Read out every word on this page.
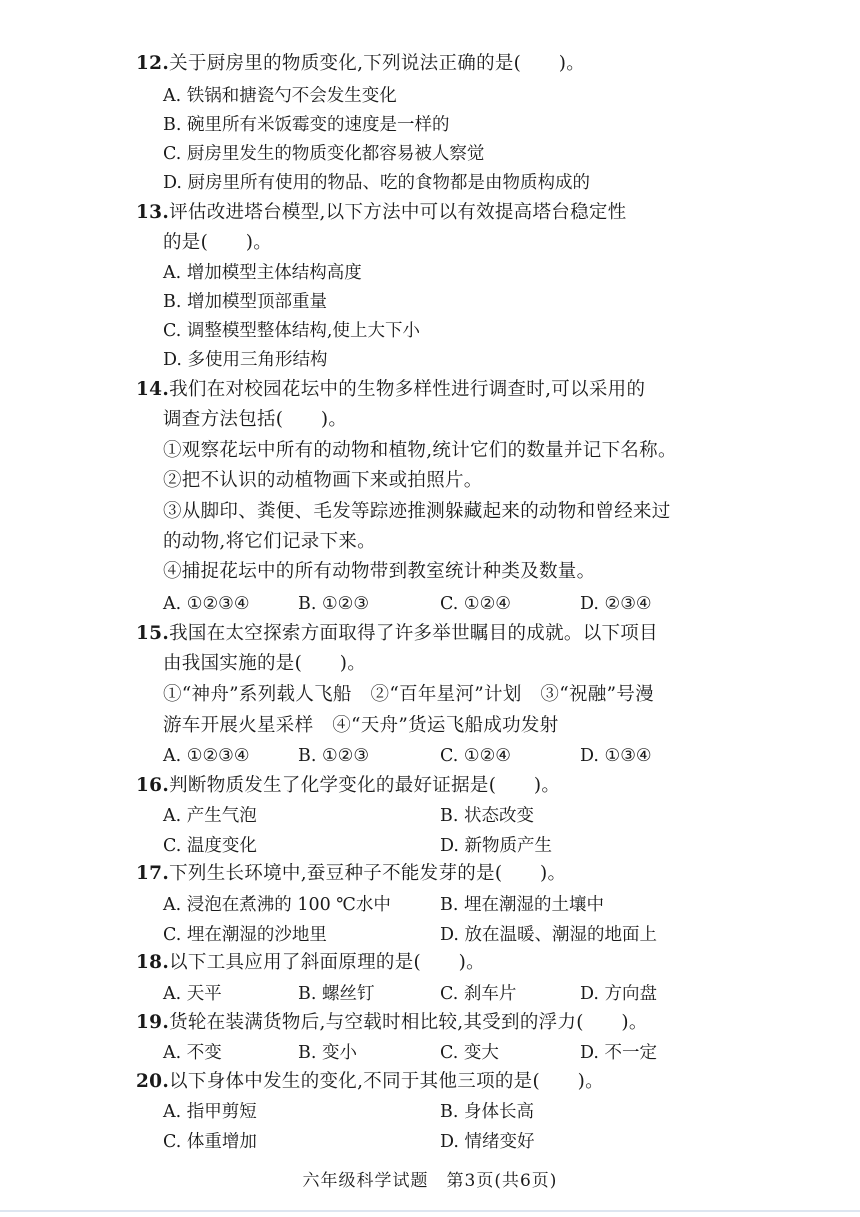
12.关于厨房里的物质变化,下列说法正确的是(　　)。
A. 铁锅和搪瓷勺不会发生变化
B. 碗里所有米饭霉变的速度是一样的
C. 厨房里发生的物质变化都容易被人察觉
D. 厨房里所有使用的物品、吃的食物都是由物质构成的
13.评估改进塔台模型,以下方法中可以有效提高塔台稳定性
的是(　　)。
A. 增加模型主体结构高度
B. 增加模型顶部重量
C. 调整模型整体结构,使上大下小
D. 多使用三角形结构
14.我们在对校园花坛中的生物多样性进行调查时,可以采用的
调查方法包括(　　)。
①观察花坛中所有的动物和植物,统计它们的数量并记下名称。
②把不认识的动植物画下来或拍照片。
③从脚印、粪便、毛发等踪迹推测躲藏起来的动物和曾经来过
的动物,将它们记录下来。
④捕捉花坛中的所有动物带到教室统计种类及数量。
A. ①②③④	B. ①②③	C. ①②④	D. ②③④
15.我国在太空探索方面取得了许多举世瞩目的成就。以下项目
由我国实施的是(　　)。
①“神舟”系列载人飞船　②“百年星河”计划　③“祝融”号漫
游车开展火星采样　④“天舟”货运飞船成功发射
A. ①②③④	B. ①②③	C. ①②④	D. ①③④
16.判断物质发生了化学变化的最好证据是(　　)。
A. 产生气泡	B. 状态改变
C. 温度变化	D. 新物质产生
17.下列生长环境中,蚕豆种子不能发芽的是(　　)。
A. 浸泡在煮沸的 100 ℃水中	B. 埋在潮湿的土壤中
C. 埋在潮湿的沙地里	D. 放在温暖、潮湿的地面上
18.以下工具应用了斜面原理的是(　　)。
A. 天平	B. 螺丝钉	C. 刹车片	D. 方向盘
19.货轮在装满货物后,与空载时相比较,其受到的浮力(　　)。
A. 不变	B. 变小	C. 变大	D. 不一定
20.以下身体中发生的变化,不同于其他三项的是(　　)。
A. 指甲剪短	B. 身体长高
C. 体重增加	D. 情绪变好
六年级科学试题　第3页(共6页)
